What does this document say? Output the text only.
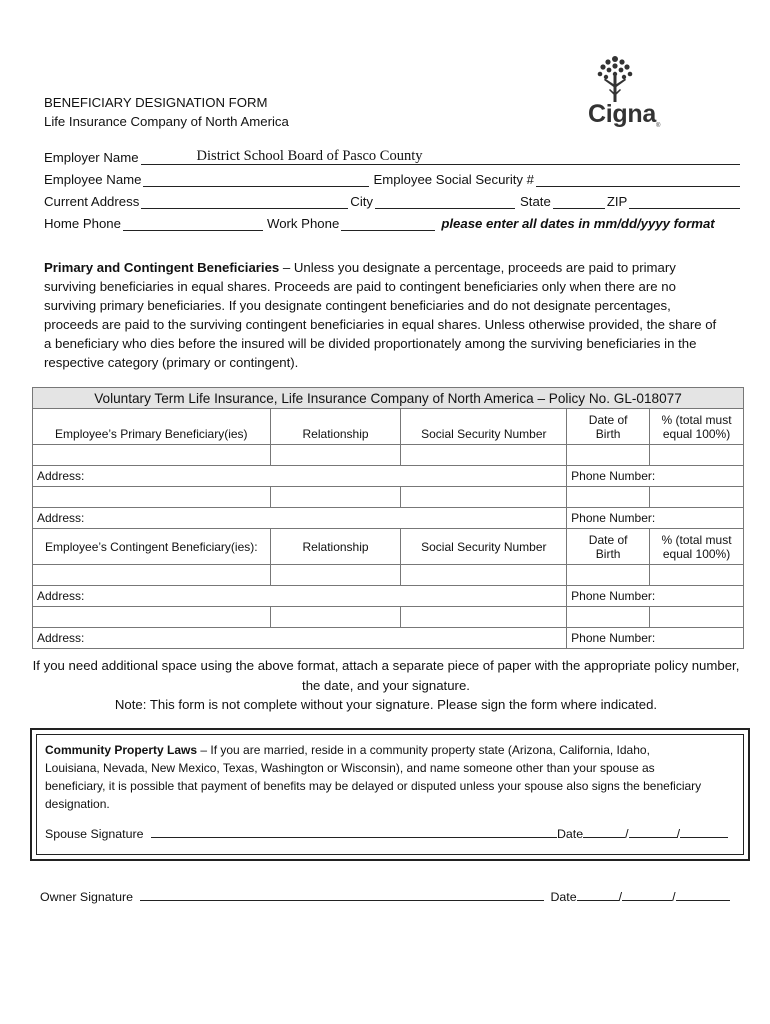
Cigna®
BENEFICIARY DESIGNATION FORM
Life Insurance Company of North America
Employer Name	District School Board of Pasco County
Employee Name	Employee Social Security #
Current Address	City	State	ZIP
Home Phone	Work Phone	please enter all dates in mm/dd/yyyy format
Primary and Contingent Beneficiaries – Unless you designate a percentage, proceeds are paid to primary surviving beneficiaries in equal shares. Proceeds are paid to contingent beneficiaries only when there are no surviving primary beneficiaries. If you designate contingent beneficiaries and do not designate percentages, proceeds are paid to the surviving contingent beneficiaries in equal shares. Unless otherwise provided, the share of a beneficiary who dies before the insured will be divided proportionately among the surviving beneficiaries in the respective category (primary or contingent).
Voluntary Term Life Insurance, Life Insurance Company of North America – Policy No. GL-018077				
Employee’s Primary Beneficiary(ies)	Relationship	Social Security Number	Date of Birth	% (total must equal 100%)

Address:			Phone Number:	

Address:			Phone Number:	
Employee’s Contingent Beneficiary(ies):	Relationship	Social Security Number	Date of Birth	% (total must equal 100%)

Address:			Phone Number:	

Address:			Phone Number:	
If you need additional space using the above format, attach a separate piece of paper with the appropriate policy number, the date, and your signature.
Note: This form is not complete without your signature. Please sign the form where indicated.
Community Property Laws – If you are married, reside in a community property state (Arizona, California, Idaho, Louisiana, Nevada, New Mexico, Texas, Washington or Wisconsin), and name someone other than your spouse as beneficiary, it is possible that payment of benefits may be delayed or disputed unless your spouse also signs the beneficiary designation.
Spouse Signature	Date	/	/
Owner Signature	Date	/	/
